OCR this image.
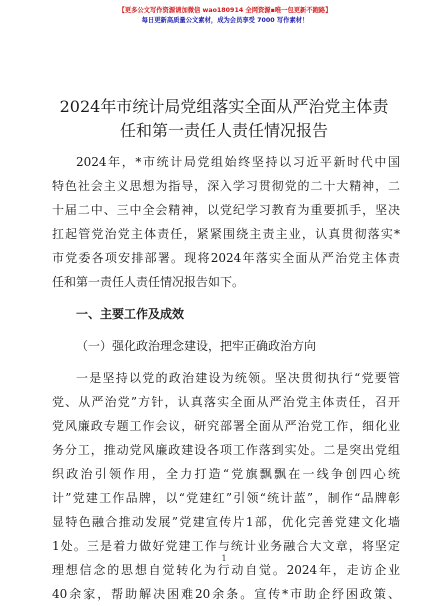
【更多公文写作资源请加微信 wao180914 全网资源▪唯一包更新不跑路】
每日更新高质量公文素材，成为会员享受 7000 写作素材！
2024年市统计局党组落实全面从严治党主体责
任和第一责任人责任情况报告
2024年，*市统计局党组始终坚持以习近平新时代中国
特色社会主义思想为指导，深入学习贯彻党的二十大精神，二
十届二中、三中全会精神，以党纪学习教育为重要抓手，坚决
扛起管党治党主体责任，紧紧围绕主责主业，认真贯彻落实*
市党委各项安排部署。现将2024年落实全面从严治党主体责
任和第一责任人责任情况报告如下。
一、主要工作及成效
（一）强化政治理念建设，把牢正确政治方向
一是坚持以党的政治建设为统领。坚决贯彻执行“党要管
党、从严治党”方针，认真落实全面从严治党主体责任，召开
党风廉政专题工作会议，研究部署全面从严治党工作，细化业
务分工，推动党风廉政建设各项工作落到实处。二是突出党组
织政治引领作用，全力打造“党旗飘飘在一线争创四心统
计”党建工作品牌，以“党建红”引领“统计蓝”，制作“品牌彰
显特色融合推动发展”党建宣传片1部，优化完善党建文化墙
1处。三是着力做好党建工作与统计业务融合大文章，将坚定
理想信念的思想自觉转化为行动自觉。2024年，走访企业
40余家，帮助解决困难20余条。宣传*市助企纾困政策、
1
